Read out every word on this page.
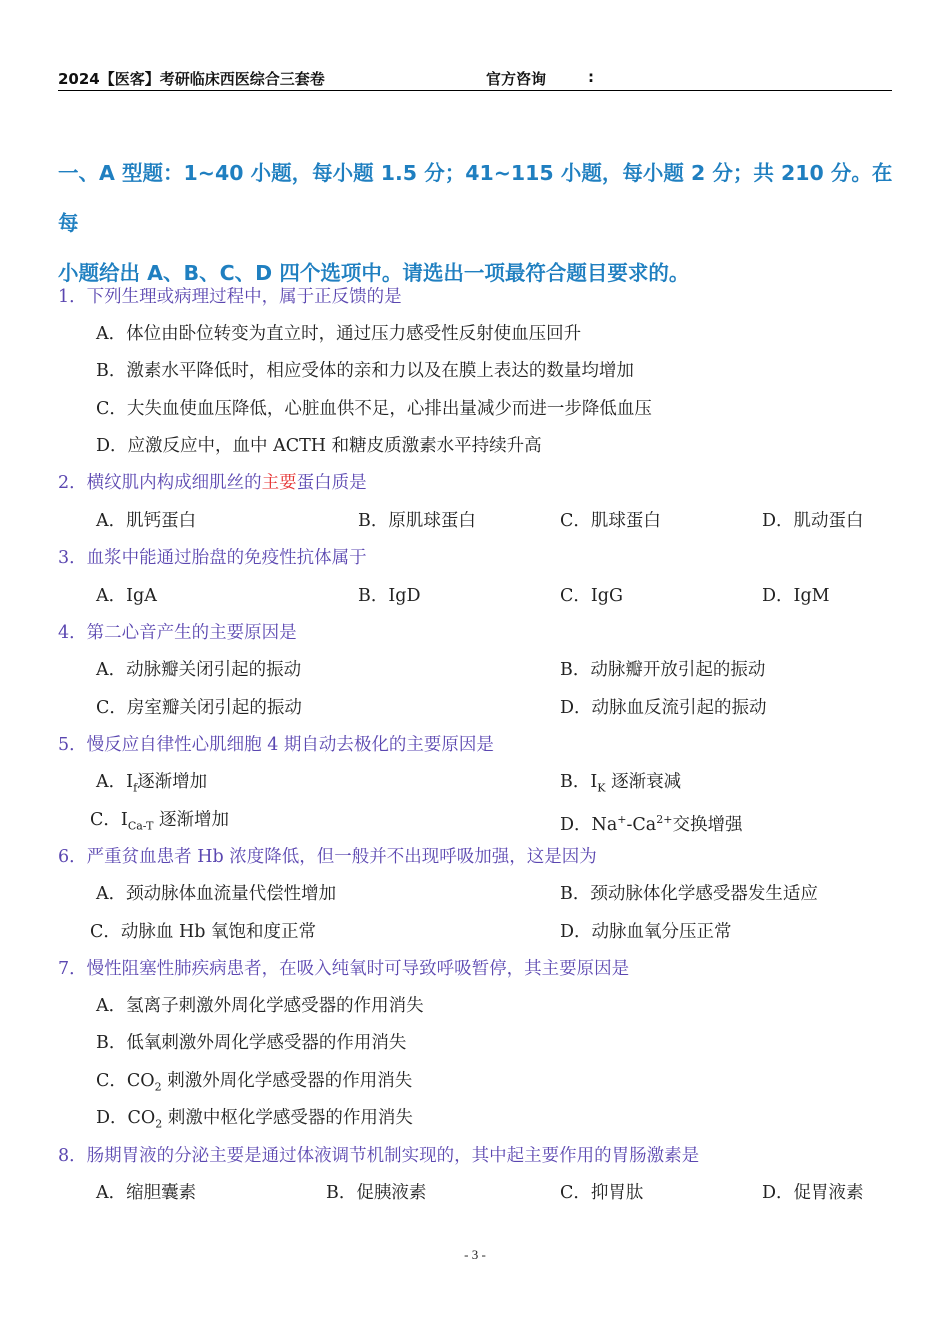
2024【医客】考研临床西医综合三套卷	官方咨询	:
一、A 型题：1~40 小题，每小题 1.5 分；41~115 小题，每小题 2 分；共 210 分。在每
小题给出 A、B、C、D 四个选项中。请选出一项最符合题目要求的。
1．下列生理或病理过程中，属于正反馈的是
A．体位由卧位转变为直立时，通过压力感受性反射使血压回升
B．激素水平降低时，相应受体的亲和力以及在膜上表达的数量均增加
C．大失血使血压降低，心脏血供不足，心排出量减少而进一步降低血压
D．应激反应中，血中 ACTH 和糖皮质激素水平持续升高
2．横纹肌内构成细肌丝的主要蛋白质是
A．肌钙蛋白	B．原肌球蛋白	C．肌球蛋白	D．肌动蛋白
3．血浆中能通过胎盘的免疫性抗体属于
A．IgA	B．IgD	C．IgG	D．IgM
4．第二心音产生的主要原因是
A．动脉瓣关闭引起的振动	B．动脉瓣开放引起的振动
C．房室瓣关闭引起的振动	D．动脉血反流引起的振动
5．慢反应自律性心肌细胞 4 期自动去极化的主要原因是
A．$I_f$逐渐增加	B．$I_K$ 逐渐衰减
C．$I_{Ca-T}$ 逐渐增加	D．$Na^+-Ca^{2+}$交换增强
6．严重贫血患者 Hb 浓度降低，但一般并不出现呼吸加强，这是因为
A．颈动脉体血流量代偿性增加	B．颈动脉体化学感受器发生适应
C．动脉血 Hb 氧饱和度正常	D．动脉血氧分压正常
7．慢性阻塞性肺疾病患者，在吸入纯氧时可导致呼吸暂停，其主要原因是
A．氢离子刺激外周化学感受器的作用消失
B．低氧刺激外周化学感受器的作用消失
C．$CO_2$ 刺激外周化学感受器的作用消失
D．$CO_2$ 刺激中枢化学感受器的作用消失
8．肠期胃液的分泌主要是通过体液调节机制实现的，其中起主要作用的胃肠激素是
A．缩胆囊素	B．促胰液素	C．抑胃肽	D．促胃液素
- 3 -
